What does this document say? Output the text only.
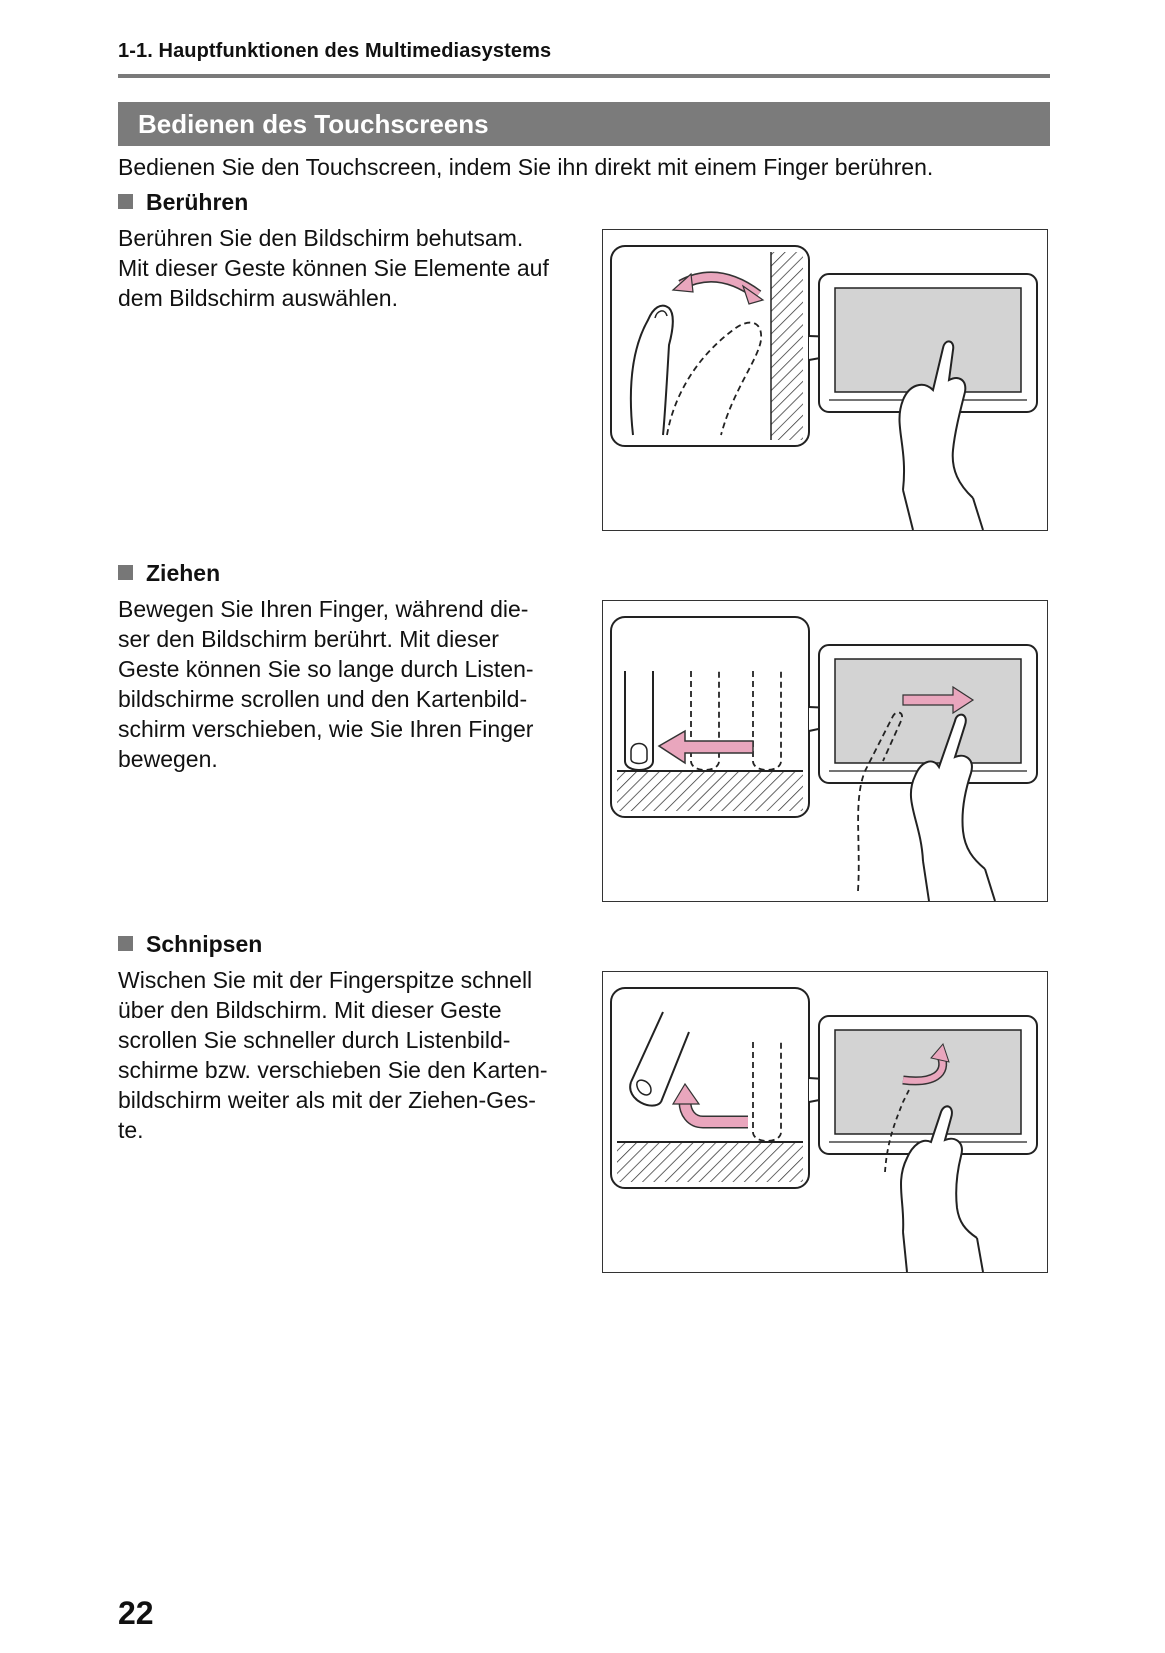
1-1. Hauptfunktionen des Multimediasystems
Bedienen des Touchscreens
Bedienen Sie den Touchscreen, indem Sie ihn direkt mit einem Finger berühren.
Berühren

Berühren Sie den Bildschirm behutsam.

Mit dieser Geste können Sie Elemente auf

dem Bildschirm auswählen.

Ziehen

Bewegen Sie Ihren Finger, während die-

ser den Bildschirm berührt. Mit dieser

Geste können Sie so lange durch Listen-

bildschirme scrollen und den Kartenbild-

schirm verschieben, wie Sie Ihren Finger

bewegen.

Schnipsen

Wischen Sie mit der Fingerspitze schnell

über den Bildschirm. Mit dieser Geste

scrollen Sie schneller durch Listenbild-

schirme bzw. verschieben Sie den Karten-

bildschirm weiter als mit der Ziehen-Ges-

te.

22
